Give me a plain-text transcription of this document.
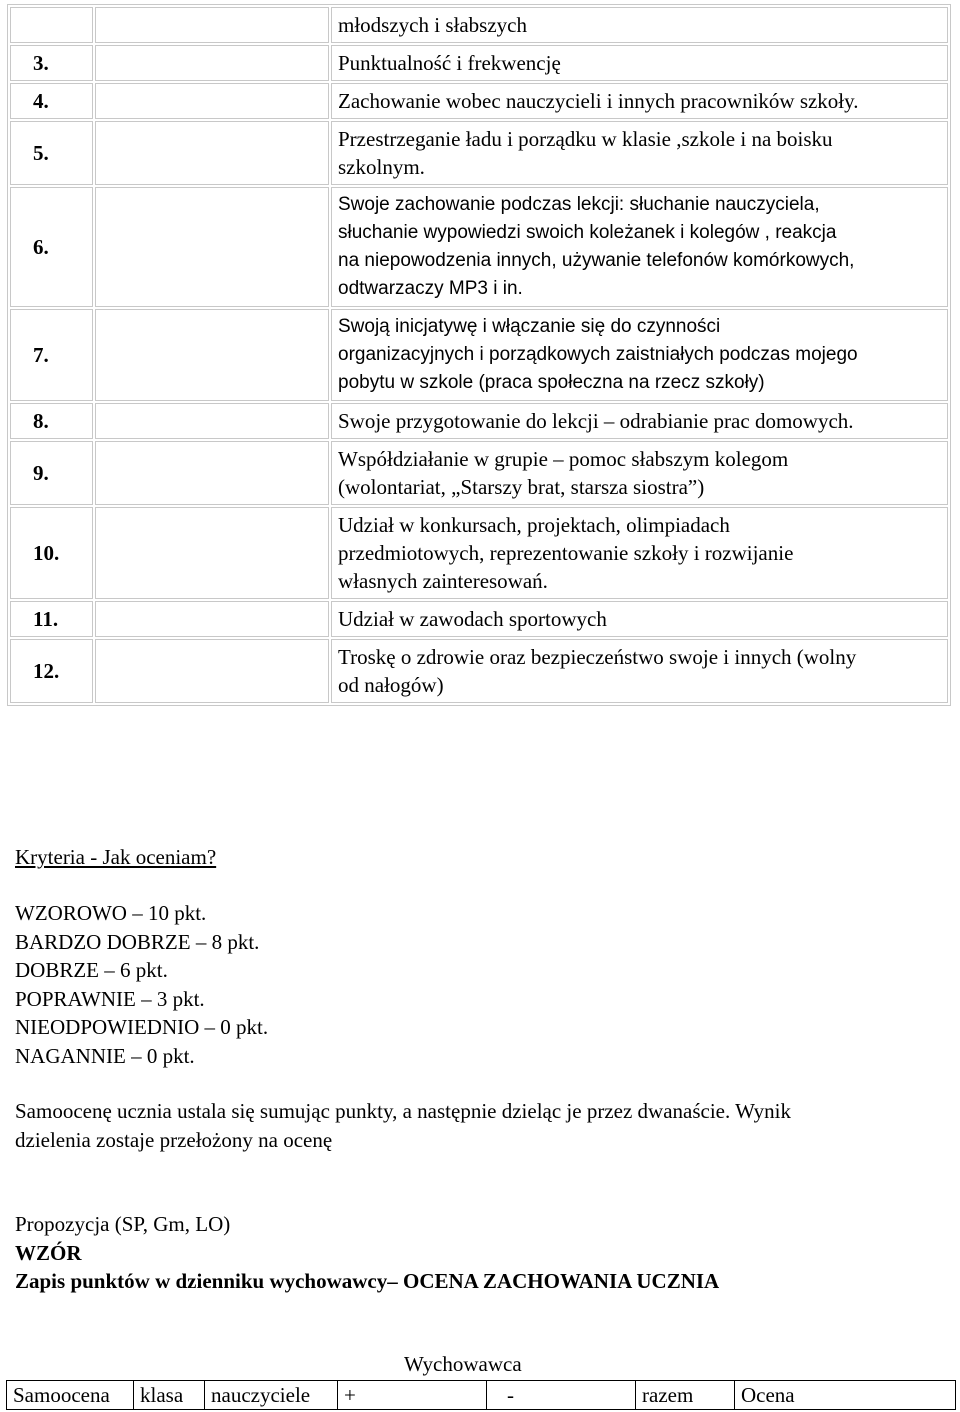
		młodszych i słabszych

3.		Punktualność i frekwencję

4.		Zachowanie wobec nauczycieli i innych pracowników szkoły.

5.		Przestrzeganie ładu i porządku w klasie ,szkole i na boisku
szkolnym.

6.		Swoje zachowanie podczas lekcji: słuchanie nauczyciela,
słuchanie wypowiedzi swoich koleżanek i kolegów , reakcja
na niepowodzenia innych, używanie telefonów komórkowych,
odtwarzaczy MP3 i in.

7.		Swoją inicjatywę i włączanie się do czynności
organizacyjnych i porządkowych zaistniałych podczas mojego
pobytu w szkole (praca społeczna na rzecz szkoły)

8.		Swoje przygotowanie do lekcji – odrabianie prac domowych.

9.		Współdziałanie w grupie – pomoc słabszym kolegom
(wolontariat, „Starszy brat, starsza siostra”)

10.		Udział w konkursach, projektach, olimpiadach
przedmiotowych, reprezentowanie szkoły i rozwijanie
własnych zainteresowań.

11.		Udział w zawodach sportowych

12.		Troskę o zdrowie oraz bezpieczeństwo swoje i innych (wolny
od nałogów)
Kryteria - Jak oceniam?
WZOROWO – 10 pkt.
BARDZO DOBRZE – 8 pkt.
DOBRZE – 6 pkt.
POPRAWNIE – 3 pkt.
NIEODPOWIEDNIO – 0 pkt.
NAGANNIE – 0 pkt.
Samoocenę ucznia ustala się sumując punkty, a następnie dzieląc je przez dwanaście. Wynik
dzielenia zostaje przełożony na ocenę
Propozycja (SP, Gm, LO)
WZÓR
Zapis punktów w dzienniku wychowawcy– OCENA ZACHOWANIA UCZNIA
Wychowawca
Samoocena	klasa	nauczyciele	+	-	razem	Ocena
